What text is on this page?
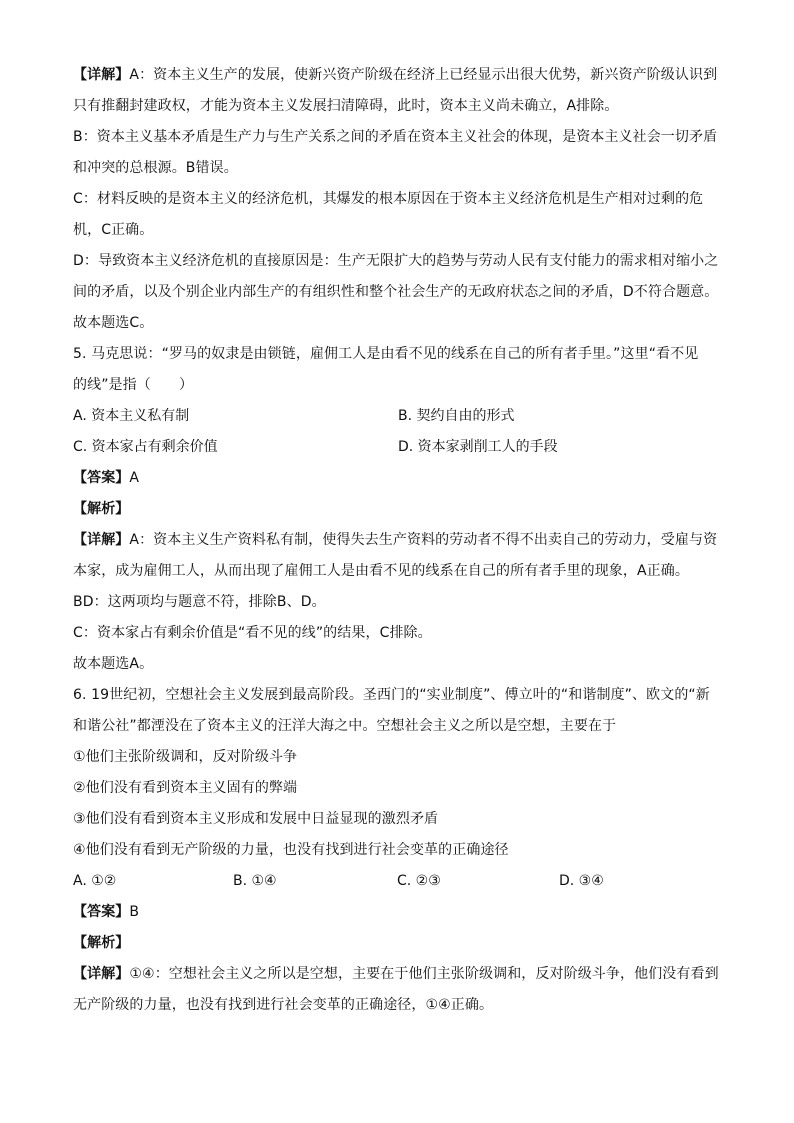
【详解】A：资本主义生产的发展，使新兴资产阶级在经济上已经显示出很大优势，新兴资产阶级认识到
只有推翻封建政权，才能为资本主义发展扫清障碍，此时，资本主义尚未确立，A排除。
B：资本主义基本矛盾是生产力与生产关系之间的矛盾在资本主义社会的体现，是资本主义社会一切矛盾
和冲突的总根源。B错误。
C：材料反映的是资本主义的经济危机，其爆发的根本原因在于资本主义经济危机是生产相对过剩的危
机，C正确。
D：导致资本主义经济危机的直接原因是：生产无限扩大的趋势与劳动人民有支付能力的需求相对缩小之
间的矛盾，以及个别企业内部生产的有组织性和整个社会生产的无政府状态之间的矛盾，D不符合题意。
故本题选C。
5. 马克思说：“罗马的奴隶是由锁链，雇佣工人是由看不见的线系在自己的所有者手里。”这里“看不见
的线”是指（　　）
A. 资本主义私有制	B. 契约自由的形式
C. 资本家占有剩余价值	D. 资本家剥削工人的手段
【答案】A
【解析】
【详解】A：资本主义生产资料私有制，使得失去生产资料的劳动者不得不出卖自己的劳动力，受雇与资
本家，成为雇佣工人，从而出现了雇佣工人是由看不见的线系在自己的所有者手里的现象，A正确。
BD：这两项均与题意不符，排除B、D。
C：资本家占有剩余价值是“看不见的线”的结果，C排除。
故本题选A。
6. 19世纪初，空想社会主义发展到最高阶段。圣西门的“实业制度”、傅立叶的“和谐制度”、欧文的“新
和谐公社”都湮没在了资本主义的汪洋大海之中。空想社会主义之所以是空想，主要在于
①他们主张阶级调和，反对阶级斗争
②他们没有看到资本主义固有的弊端
③他们没有看到资本主义形成和发展中日益显现的激烈矛盾
④他们没有看到无产阶级的力量，也没有找到进行社会变革的正确途径
A. ①②	B. ①④	C. ②③	D. ③④
【答案】B
【解析】
【详解】①④：空想社会主义之所以是空想，主要在于他们主张阶级调和，反对阶级斗争，他们没有看到
无产阶级的力量，也没有找到进行社会变革的正确途径，①④正确。
